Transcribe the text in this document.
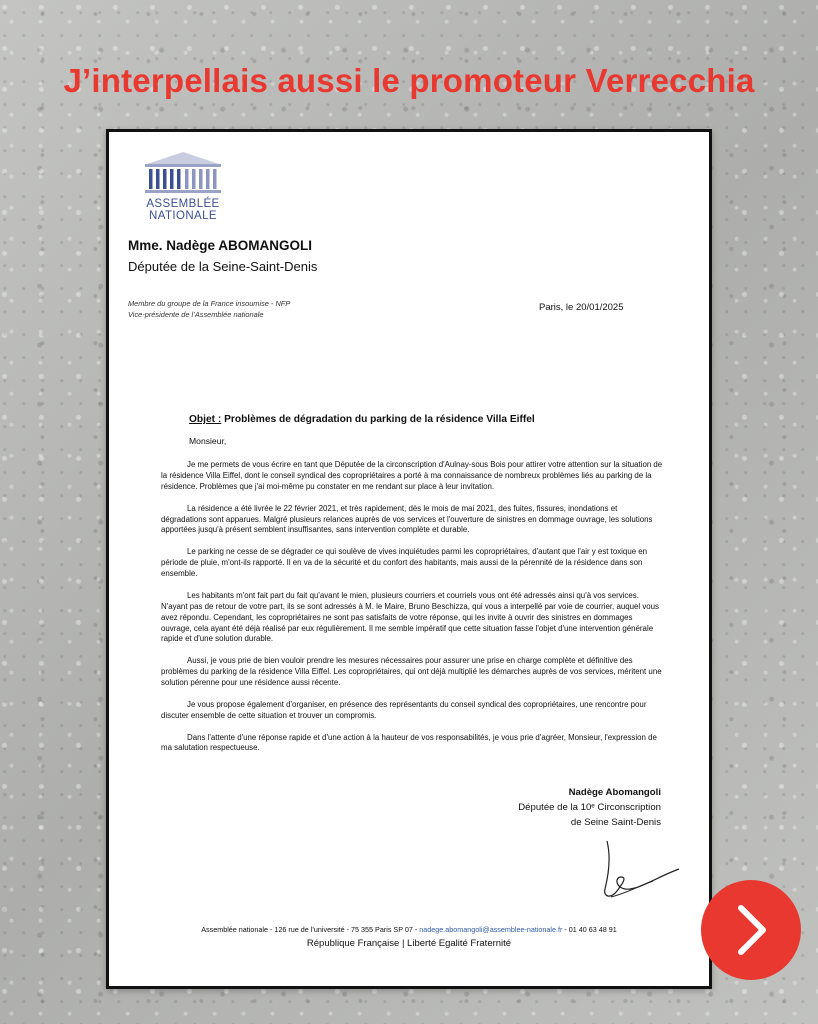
J’interpellais aussi le promoteur Verrecchia
ASSEMBLÉE
NATIONALE
Mme. Nadège ABOMANGOLI
Députée de la Seine-Saint-Denis
Membre du groupe de la France insoumise - NFP
Vice-présidente de l’Assemblée nationale
Paris, le 20/01/2025
Objet : Problèmes de dégradation du parking de la résidence Villa Eiffel
Monsieur,

Je me permets de vous écrire en tant que Députée de la circonscription d'Aulnay-sous Bois pour attirer votre attention sur la situation de la résidence Villa Eiffel, dont le conseil syndical des copropriétaires a porté à ma connaissance de nombreux problèmes liés au parking de la résidence. Problèmes que j'ai moi-même pu constater en me rendant sur place à leur invitation.

La résidence a été livrée le 22 février 2021, et très rapidement, dès le mois de mai 2021, des fuites, fissures, inondations et dégradations sont apparues. Malgré plusieurs relances auprès de vos services et l'ouverture de sinistres en dommage ouvrage, les solutions apportées jusqu'à présent semblent insuffisantes, sans intervention complète et durable.

Le parking ne cesse de se dégrader ce qui soulève de vives inquiétudes parmi les copropriétaires, d'autant que l'air y est toxique en période de pluie, m'ont-ils rapporté. Il en va de la sécurité et du confort des habitants, mais aussi de la pérennité de la résidence dans son ensemble.

Les habitants m'ont fait part du fait qu'avant le mien, plusieurs courriers et courriels vous ont été adressés ainsi qu'à vos services. N'ayant pas de retour de votre part, ils se sont adressés à M. le Maire, Bruno Beschizza, qui vous a interpellé par voie de courrier, auquel vous avez répondu. Cependant, les copropriétaires ne sont pas satisfaits de votre réponse, qui les invite à ouvrir des sinistres en dommages ouvrage, cela ayant été déjà réalisé par eux régulièrement. Il me semble impératif que cette situation fasse l'objet d'une intervention générale rapide et d'une solution durable.

Aussi, je vous prie de bien vouloir prendre les mesures nécessaires pour assurer une prise en charge complète et définitive des problèmes du parking de la résidence Villa Eiffel. Les copropriétaires, qui ont déjà multiplié les démarches auprès de vos services, méritent une solution pérenne pour une résidence aussi récente.

Je vous propose également d'organiser, en présence des représentants du conseil syndical des copropriétaires, une rencontre pour discuter ensemble de cette situation et trouver un compromis.

Dans l'attente d'une réponse rapide et d'une action à la hauteur de vos responsabilités, je vous prie d'agréer, Monsieur, l'expression de ma salutation respectueuse.

Nadège Abomangoli
Députée de la 10ᵉ Circonscription
de Seine Saint-Denis
Assemblée nationale - 126 rue de l’université - 75 355 Paris SP 07 - nadege.abomangoli@assemblee-nationale.fr - 01 40 63 48 91
République Française | Liberté Egalité Fraternité
